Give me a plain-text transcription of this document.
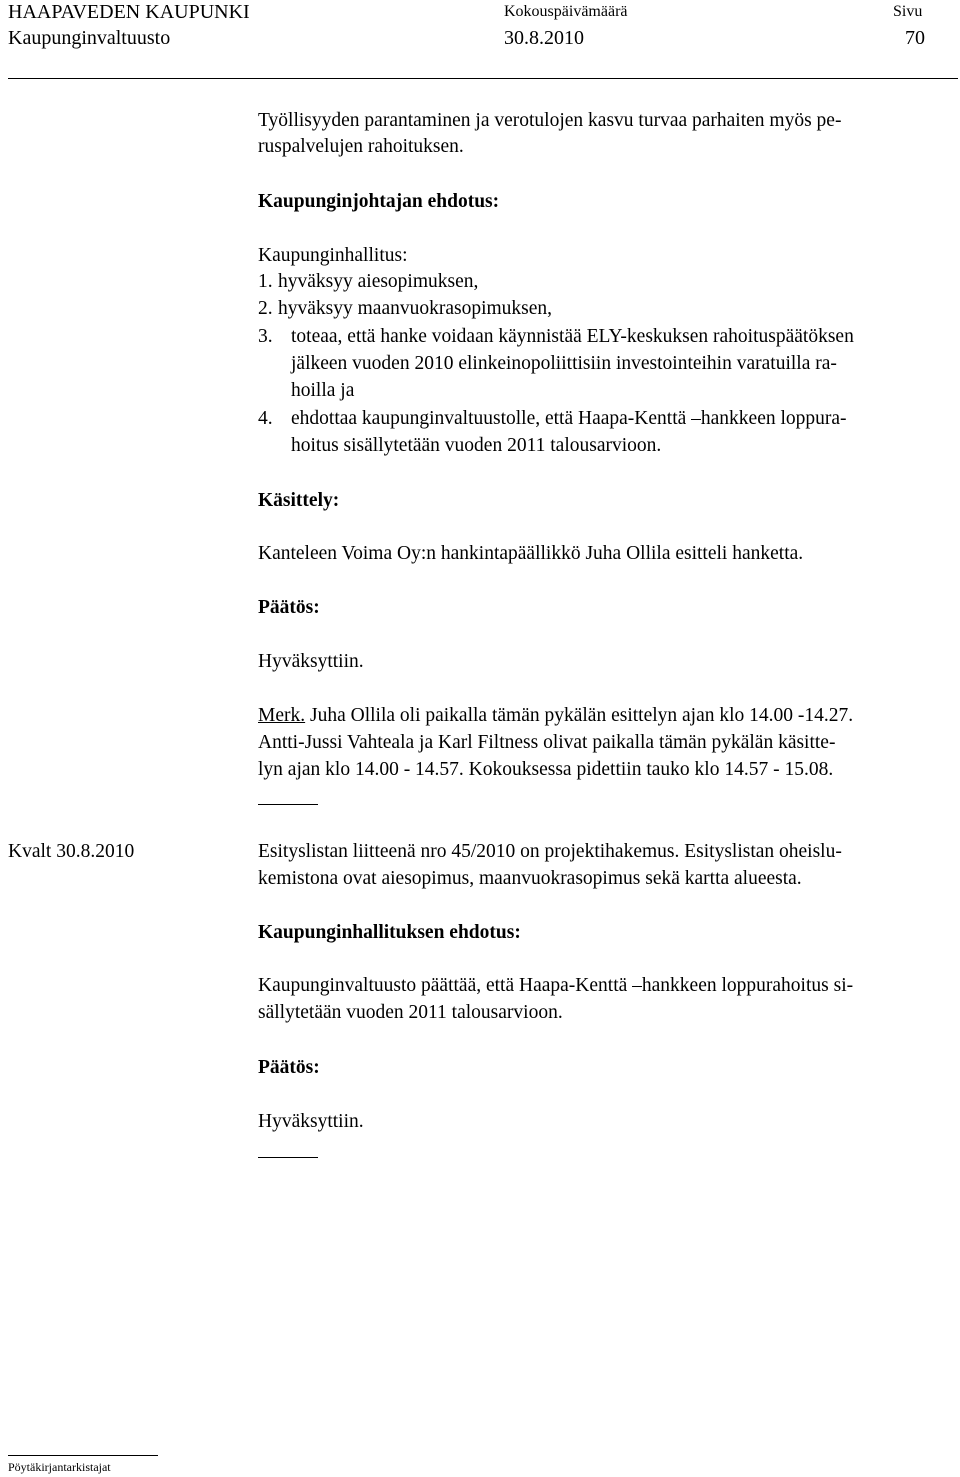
HAAPAVEDEN KAUPUNKI
Kaupunginvaltuusto
Kokouspäivämäärä
30.8.2010
Sivu
70
Työllisyyden parantaminen ja verotulojen kasvu turvaa parhaiten myös pe-
ruspalvelujen rahoituksen.
Kaupunginjohtajan ehdotus:
Kaupunginhallitus:
1. hyväksyy aiesopimuksen,
2. hyväksyy maanvuokrasopimuksen,
3. toteaa, että hanke voidaan käynnistää ELY-keskuksen rahoituspäätöksen
jälkeen vuoden 2010 elinkeinopoliittisiin investointeihin varatuilla ra-
hoilla ja
4. ehdottaa kaupunginvaltuustolle, että Haapa-Kenttä –hankkeen loppura-
hoitus sisällytetään vuoden 2011 talousarvioon.
Käsittely:
Kanteleen Voima Oy:n hankintapäällikkö Juha Ollila esitteli hanketta.
Päätös:
Hyväksyttiin.
Merk. Juha Ollila oli paikalla tämän pykälän esittelyn ajan klo 14.00 -14.27.
Antti-Jussi Vahteala ja Karl Filtness olivat paikalla tämän pykälän käsitte-
lyn ajan klo 14.00 - 14.57. Kokouksessa pidettiin tauko klo 14.57 - 15.08.
Kvalt 30.8.2010	Esityslistan liitteenä nro 45/2010 on projektihakemus. Esityslistan oheislu-
kemistona ovat aiesopimus, maanvuokrasopimus sekä kartta alueesta.
Kaupunginhallituksen ehdotus:
Kaupunginvaltuusto päättää, että Haapa-Kenttä –hankkeen loppurahoitus si-
sällytetään vuoden 2011 talousarvioon.
Päätös:
Hyväksyttiin.
Pöytäkirjantarkistajat
